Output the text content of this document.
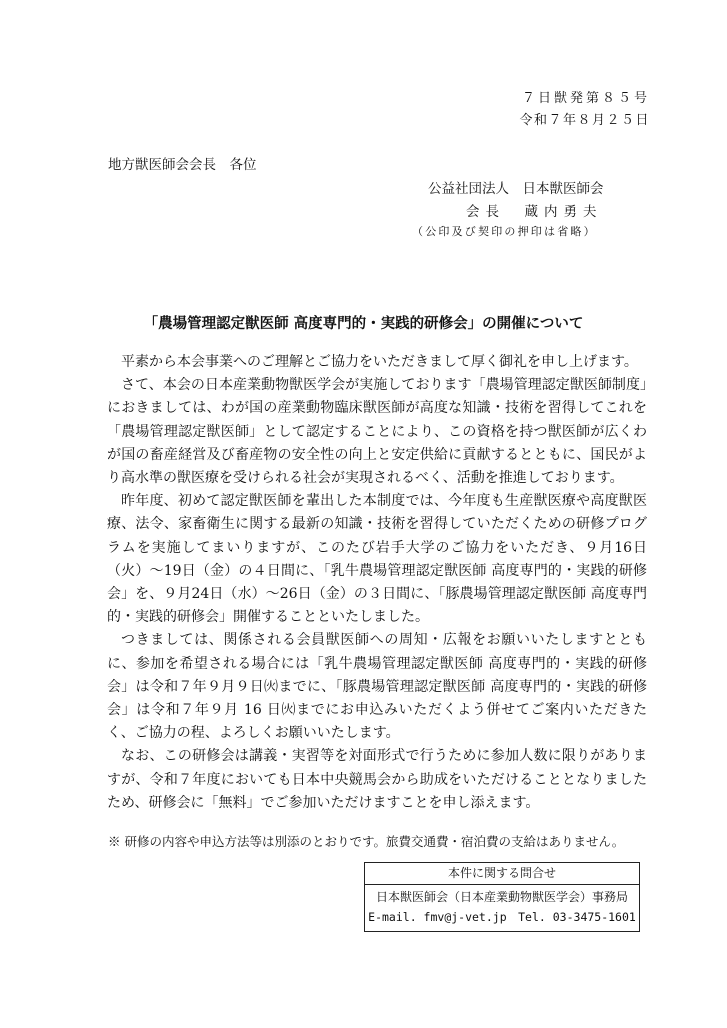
７日獣発第８５号
令和７年８月２５日
地方獣医師会会長　各位
公益社団法人　日本獣医師会
会長　蔵内勇夫
（公印及び契印の押印は省略）
「農場管理認定獣医師 高度専門的・実践的研修会」の開催について

平素から本会事業へのご理解とご協力をいただきまして厚く御礼を申し上げます。

さて、本会の日本産業動物獣医学会が実施しております「農場管理認定獣医師制度」におきましては、わが国の産業動物臨床獣医師が高度な知識・技術を習得してこれを「農場管理認定獣医師」として認定することにより、この資格を持つ獣医師が広くわが国の畜産経営及び畜産物の安全性の向上と安定供給に貢献するとともに、国民がより高水準の獣医療を受けられる社会が実現されるべく、活動を推進しております。

昨年度、初めて認定獣医師を輩出した本制度では、今年度も生産獣医療や高度獣医療、法令、家畜衛生に関する最新の知識・技術を習得していただくための研修プログラムを実施してまいりますが、このたび岩手大学のご協力をいただき、９月16日（火）～19日（金）の４日間に、「乳牛農場管理認定獣医師 高度専門的・実践的研修会」を、９月24日（水）～26日（金）の３日間に、「豚農場管理認定獣医師 高度専門的・実践的研修会」開催することといたしました。

つきましては、関係される会員獣医師への周知・広報をお願いいたしますとともに、参加を希望される場合には「乳牛農場管理認定獣医師 高度専門的・実践的研修会」は令和７年９月９日㈫までに、「豚農場管理認定獣医師 高度専門的・実践的研修会」は令和７年９月 16 日㈫までにお申込みいただくよう併せてご案内いただきたく、ご協力の程、よろしくお願いいたします。

なお、この研修会は講義・実習等を対面形式で行うために参加人数に限りがありますが、令和７年度においても日本中央競馬会から助成をいただけることとなりましたため、研修会に「無料」でご参加いただけますことを申し添えます。

※ 研修の内容や申込方法等は別添のとおりです。旅費交通費・宿泊費の支給はありません。
本件に関する問合せ
日本獣医師会（日本産業動物獣医学会）事務局
E-mail. fmv@j-vet.jp　Tel. 03-3475-1601
